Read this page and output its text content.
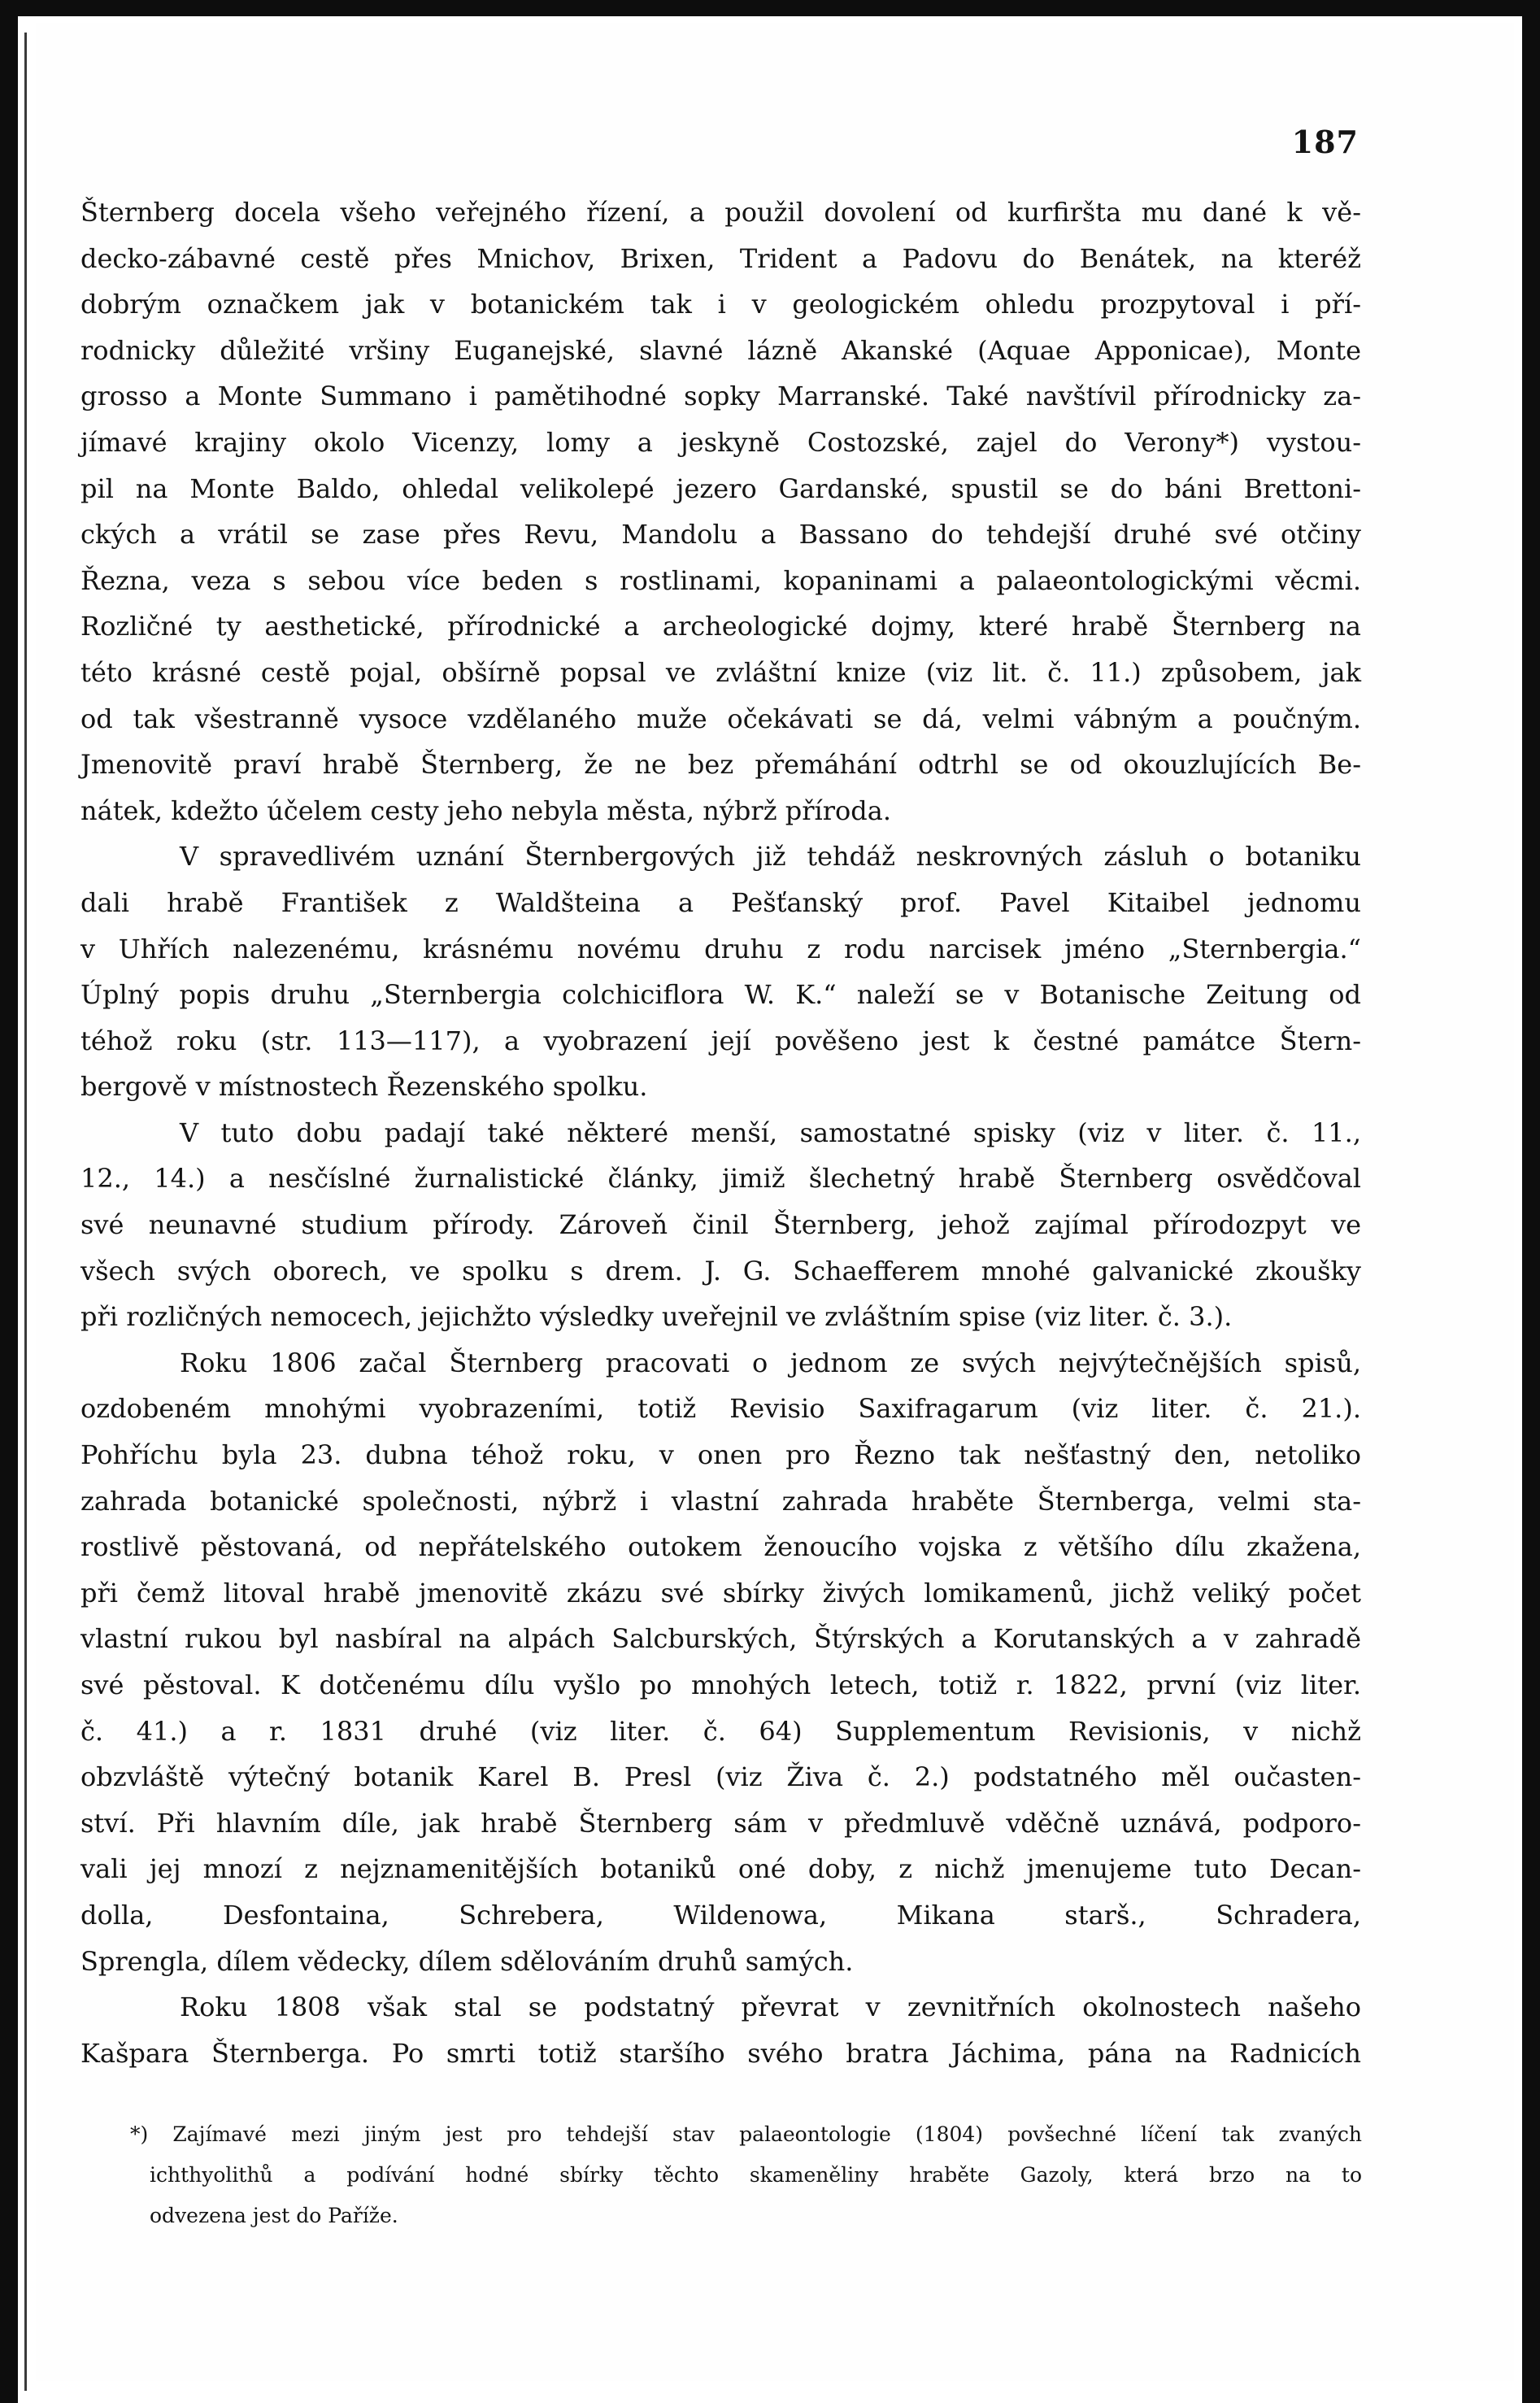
187
Šternberg docela všeho veřejného řízení, a použil dovolení od kurfiršta mu dané k vě-
decko-zábavné cestě přes Mnichov, Brixen, Trident a Padovu do Benátek, na kteréž
dobrým označkem jak v botanickém tak i v geologickém ohledu prozpytoval i pří-
rodnicky důležité vršiny Euganejské, slavné lázně Akanské (Aquae Apponicae), Monte
grosso a Monte Summano i pamětihodné sopky Marranské. Také navštívil přírodnicky za-
jímavé krajiny okolo Vicenzy, lomy a jeskyně Costozské, zajel do Verony*) vystou-
pil na Monte Baldo, ohledal velikolepé jezero Gardanské, spustil se do báni Brettoni-
ckých a vrátil se zase přes Revu, Mandolu a Bassano do tehdejší druhé své otčiny
Řezna, veza s sebou více beden s rostlinami, kopaninami a palaeontologickými věcmi.
Rozličné ty aesthetické, přírodnické a archeologické dojmy, které hrabě Šternberg na
této krásné cestě pojal, obšírně popsal ve zvláštní knize (viz lit. č. 11.) způsobem, jak
od tak všestranně vysoce vzdělaného muže očekávati se dá, velmi vábným a poučným.
Jmenovitě praví hrabě Šternberg, že ne bez přemáhání odtrhl se od okouzlujících Be-
nátek, kdežto účelem cesty jeho nebyla města, nýbrž příroda.
V spravedlivém uznání Šternbergových již tehdáž neskrovných zásluh o botaniku
dali hrabě František z Waldšteina a Pešťanský prof. Pavel Kitaibel jednomu
v Uhřích nalezenému, krásnému novému druhu z rodu narcisek jméno „Sternbergia.“
Úplný popis druhu „Sternbergia colchiciflora W. K.“ naleží se v Botanische Zeitung od
téhož roku (str. 113—117), a vyobrazení její pověšeno jest k čestné památce Štern-
bergově v místnostech Řezenského spolku.
V tuto dobu padají také některé menší, samostatné spisky (viz v liter. č. 11.,
12., 14.) a nesčíslné žurnalistické články, jimiž šlechetný hrabě Šternberg osvědčoval
své neunavné studium přírody. Zároveň činil Šternberg, jehož zajímal přírodozpyt ve
všech svých oborech, ve spolku s drem. J. G. Schaefferem mnohé galvanické zkoušky
při rozličných nemocech, jejichžto výsledky uveřejnil ve zvláštním spise (viz liter. č. 3.).
Roku 1806 začal Šternberg pracovati o jednom ze svých nejvýtečnějších spisů,
ozdobeném mnohými vyobrazeními, totiž Revisio Saxifragarum (viz liter. č. 21.).
Pohříchu byla 23. dubna téhož roku, v onen pro Řezno tak nešťastný den, netoliko
zahrada botanické společnosti, nýbrž i vlastní zahrada hraběte Šternberga, velmi sta-
rostlivě pěstovaná, od nepřátelského outokem ženoucího vojska z většího dílu zkažena,
při čemž litoval hrabě jmenovitě zkázu své sbírky živých lomikamenů, jichž veliký počet
vlastní rukou byl nasbíral na alpách Salcburských, Štýrských a Korutanských a v zahradě
své pěstoval. K dotčenému dílu vyšlo po mnohých letech, totiž r. 1822, první (viz liter.
č. 41.) a r. 1831 druhé (viz liter. č. 64) Supplementum Revisionis, v nichž
obzvláště výtečný botanik Karel B. Presl (viz Živa č. 2.) podstatného měl oučasten-
ství. Při hlavním díle, jak hrabě Šternberg sám v předmluvě vděčně uznává, podporo-
vali jej mnozí z nejznamenitějších botaniků oné doby, z nichž jmenujeme tuto Decan-
dolla, Desfontaina, Schrebera, Wildenowa, Mikana starš., Schradera,
Sprengla, dílem vědecky, dílem sdělováním druhů samých.
Roku 1808 však stal se podstatný převrat v zevnitřních okolnostech našeho
Kašpara Šternberga. Po smrti totiž staršího svého bratra Jáchima, pána na Radnicích
*) Zajímavé mezi jiným jest pro tehdejší stav palaeontologie (1804) povšechné líčení tak zvaných
ichthyolithů a podívání hodné sbírky těchto skameněliny hraběte Gazoly, která brzo na to
odvezena jest do Paříže.
